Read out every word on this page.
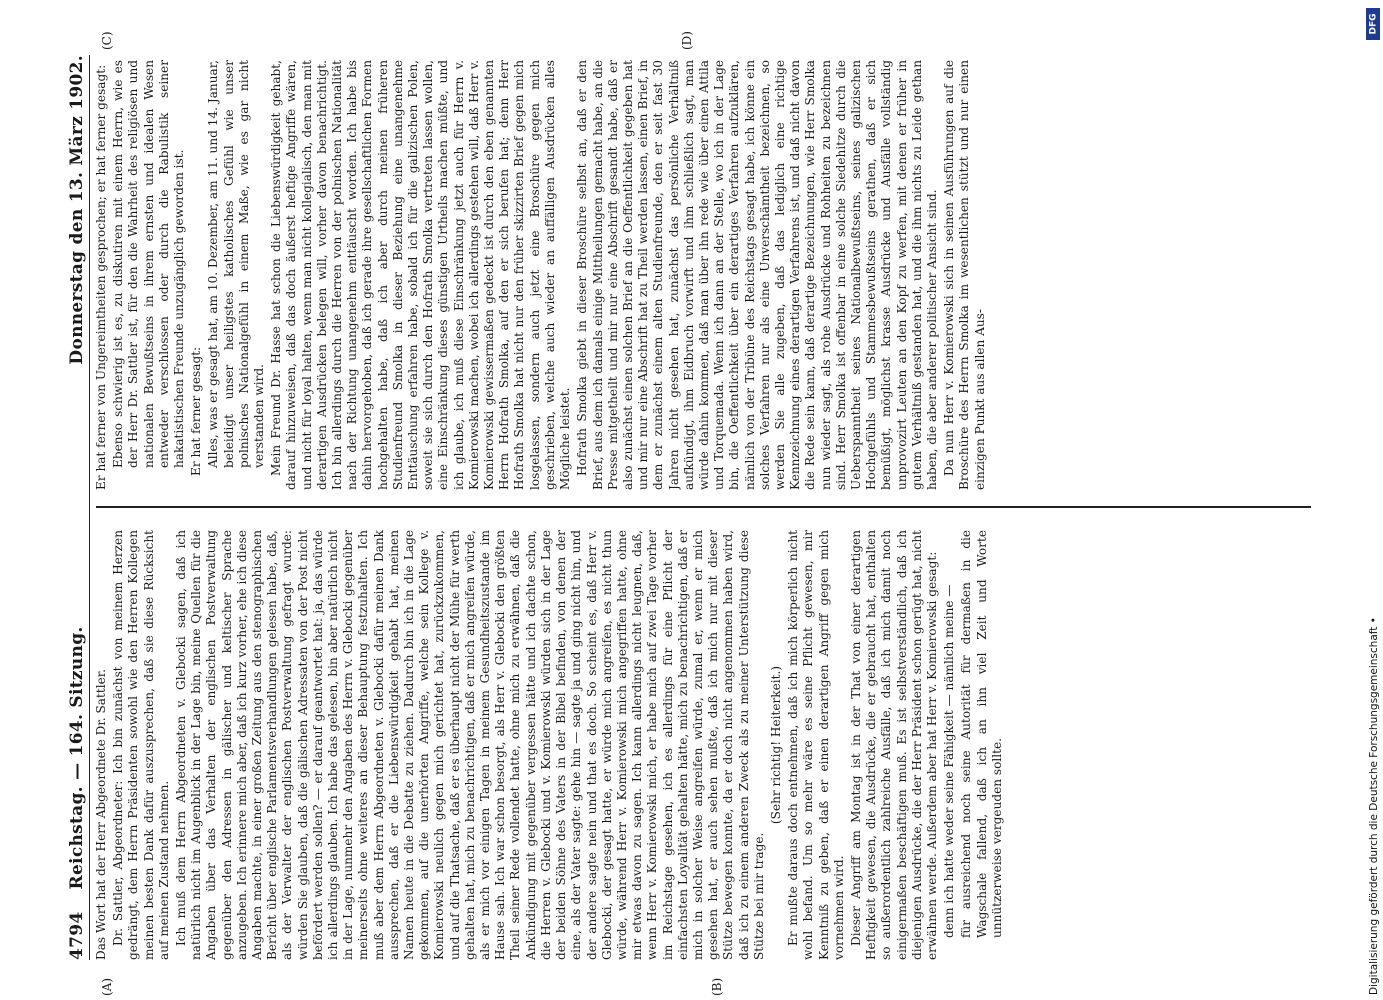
4794
Reichstag. — 164. Sitzung.
Donnerstag den 13. März 1902.

Das Wort hat der Herr Abgeordnete Dr. Sattler. Dr. Sattler, Abgeordneter: Ich bin zunächst von meinem Herzen gedrängt, dem Herrn Präsidenten sowohl wie den Herren Kollegen meinen besten Dank dafür auszusprechen, daß sie diese Rücksicht auf meinen Zustand nehmen. Ich muß dem Herrn Abgeordneten v. Glebocki sagen, daß ich natürlich nicht im Augenblick in der Lage bin, meine Quellen für die Angaben über das Verhalten der englischen Postverwaltung gegenüber den Adressen in gälischer und keltischer Sprache anzugeben. Ich erinnere mich aber, daß ich kurz vorher, ehe ich diese Angaben machte, in einer großen Zeitung aus den stenographischen Bericht über englische Parlamentsverhandlungen gelesen habe, daß, als der Verwalter der englischen Postverwaltung gefragt wurde: würden Sie glauben, daß die gälischen Adressaten von der Post nicht befördert werden sollen? — er darauf geantwortet hat: ja, das würde ich allerdings glauben. Ich habe das gelesen, bin aber natürlich nicht in der Lage, nunmehr den Angaben des Herrn v. Glebocki gegenüber meinerseits ohne weiteres an dieser Behauptung festzuhalten. Ich muß aber dem Herrn Abgeordneten v. Glebocki dafür meinen Dank aussprechen, daß er die Liebenswürdigkeit gehabt hat, meinen Namen heute in die Debatte zu ziehen. Dadurch bin ich in die Lage gekommen, auf die unerhörten Angriffe, welche sein Kollege v. Komierowski neulich gegen mich gerichtet hat, zurückzukommen, und auf die Thatsache, daß er es überhaupt nicht der Mühe für werth gehalten hat, mich zu benachrichtigen, daß er mich angreifen würde, als er mich vor einigen Tagen in meinem Gesundheitszustande im Hause sah. Ich war schon besorgt, als Herr v. Glebocki den größten Theil seiner Rede vollendet hatte, ohne mich zu erwähnen, daß die Ankündigung mit gegenüber vergessen hätte und ich dachte schon, die Herren v. Glebocki und v. Komierowski würden sich in der Lage der beiden Söhne des Vaters in der Bibel befinden, von denen der eine, als der Vater sagte: gehe hin — sagte ja und ging nicht hin, und der andere sagte nein und that es doch. So scheint es, daß Herr v. Glebocki, der gesagt hatte, er würde mich angreifen, es nicht thun würde, während Herr v. Komierowski mich angegriffen hatte, ohne mir etwas davon zu sagen. Ich kann allerdings nicht leugnen, daß, wenn Herr v. Komierowski mich, er habe mich auf zwei Tage vorher im Reichstage gesehen, ich es allerdings für eine Pflicht der einfachsten Loyalität gehalten hätte, mich zu benachrichtigen, daß er mich in solcher Weise angreifen würde, zumal er, wenn er mich gesehen hat, er auch sehen mußte, daß ich mich nur mit dieser Stütze bewegen konnte, da er doch nicht angenommen haben wird, daß ich zu einem anderen Zweck als zu meiner Unterstützung diese Stütze bei mir trage.

(Sehr richtig! Heiterkeit.) Er mußte daraus doch entnehmen, daß ich mich körperlich nicht wohl befand. Um so mehr wäre es seine Pflicht gewesen, mir Kenntniß zu geben, daß er einen derartigen Angriff gegen mich vornehmen wird. Dieser Angriff am Montag ist in der That von einer derartigen Heftigkeit gewesen, die Ausdrücke, die er gebraucht hat, enthalten so außerordentlich zahlreiche Ausfälle, daß ich mich damit noch einigermaßen beschäftigen muß. Es ist selbstverständlich, daß ich diejenigen Ausdrücke, die der Herr Präsident schon gerügt hat, nicht erwähnen werde. Außerdem aber hat Herr v. Komierowski gesagt: denn ich hatte weder seine Fähigkeit — nämlich meine — für ausreichend noch seine Autorität für dermaßen in die Wagschale fallend, daß ich an ihn viel Zeit und Worte unnützerweise vergeuden sollte.

Er hat ferner von Ungereimtheiten gesprochen; er hat ferner gesagt: Ebenso schwierig ist es, zu diskutiren mit einem Herrn, wie es der Herr Dr. Sattler ist, für den die Wahrheit des religiösen und nationalen Bewußtseins in ihrem ernsten und idealen Wesen entweder verschlossen oder durch die Rabulistik seiner hakatistischen Freunde unzugänglich geworden ist. Er hat ferner gesagt: Alles, was er gesagt hat, am 10. Dezember, am 11. und 14. Januar, beleidigt unser heiligstes katholisches Gefühl wie unser polnisches Nationalgefühl in einem Maße, wie es gar nicht verstanden wird. Mein Freund Dr. Hasse hat schon die Liebenswürdigkeit gehabt, darauf hinzuweisen, daß das doch äußerst heftige Angriffe wären, und nicht für loyal halten, wenn man nicht kollegialisch, den man mit derartigen Ausdrücken belegen will, vorher davon benachrichtigt. Ich bin allerdings durch die Herren von der polnischen Nationalität nach der Richtung unangenehm enttäuscht worden. Ich habe bis dahin hervorgehoben, daß ich gerade ihre gesellschaftlichen Formen hochgehalten habe, daß ich aber durch meinen früheren Studienfreund Smolka in dieser Beziehung eine unangenehme Enttäuschung erfahren habe, sobald ich für die galizischen Polen, soweit sie sich durch den Hofrath Smolka vertreten lassen wollen, eine Einschränkung dieses günstigen Urtheils machen müßte, und ich glaube, ich muß diese Einschränkung jetzt auch für Herrn v. Komierowski machen, wobei ich allerdings gestehen will, daß Herr v. Komierowski gewissermaßen gedeckt ist durch den eben genannten Herrn Hofrath Smolka, auf den er sich berufen hat; denn Herr Hofrath Smolka hat nicht nur den früher skizzirten Brief gegen mich losgelassen, sondern auch jetzt eine Broschüre gegen mich geschrieben, welche auch wieder an auffälligen Ausdrücken alles Mögliche leistet. Hofrath Smolka giebt in dieser Broschüre selbst an, daß er den Brief, aus dem ich damals einige Mittheilungen gemacht habe, an die Presse mitgetheilt und mir nur eine Abschrift gesandt habe, daß er also zunächst einen solchen Brief an die Oeffentlichkeit gegeben hat und mir nur eine Abschrift hat zu Theil werden lassen, einen Brief, in dem er zunächst einem alten Studienfreunde, den er seit fast 30 Jahren nicht gesehen hat, zunächst das persönliche Verhältniß aufkündigt, ihm Eidbruch vorwirft und ihm schließlich sagt, man würde dahin kommen, daß man über ihn rede wie über einen Attila und Torquemada. Wenn ich dann an der Stelle, wo ich in der Lage bin, die Oeffentlichkeit über ein derartiges Verfahren aufzuklären, nämlich von der Tribüne des Reichstags gesagt habe, ich könne ein solches Verfahren nur als eine Unverschämtheit bezeichnen, so werden Sie alle zugeben, daß das lediglich eine richtige Kennzeichnung eines derartigen Verfahrens ist, und daß nicht davon die Rede sein kann, daß derartige Bezeichnungen, wie Herr Smolka nun wieder sagt, als rohe Ausdrücke und Rohheiten zu bezeichnen sind. Herr Smolka ist offenbar in eine solche Siedehitze durch die Ueberspanntheit seines Nationalbewußtseins, seines galizischen Hochgefühls und Stammesbewußtseins gerathen, daß er sich bemüßigt, möglichst krasse Ausdrücke und Ausfälle vollständig unprovozirt Leuten an den Kopf zu werfen, mit denen er früher in gutem Verhältniß gestanden hat, und die ihm nichts zu Leide gethan haben, die aber anderer politischer Ansicht sind. Da nun Herr v. Komierowski sich in seinen Ausführungen auf die Broschüre des Herrn Smolka im wesentlichen stützt und nur einen einzigen Punkt aus allen Aus-

(A)	(B)
(C)	(D)
DFG
Digitalisierung gefördert durch die Deutsche Forschungsgemeinschaft •
